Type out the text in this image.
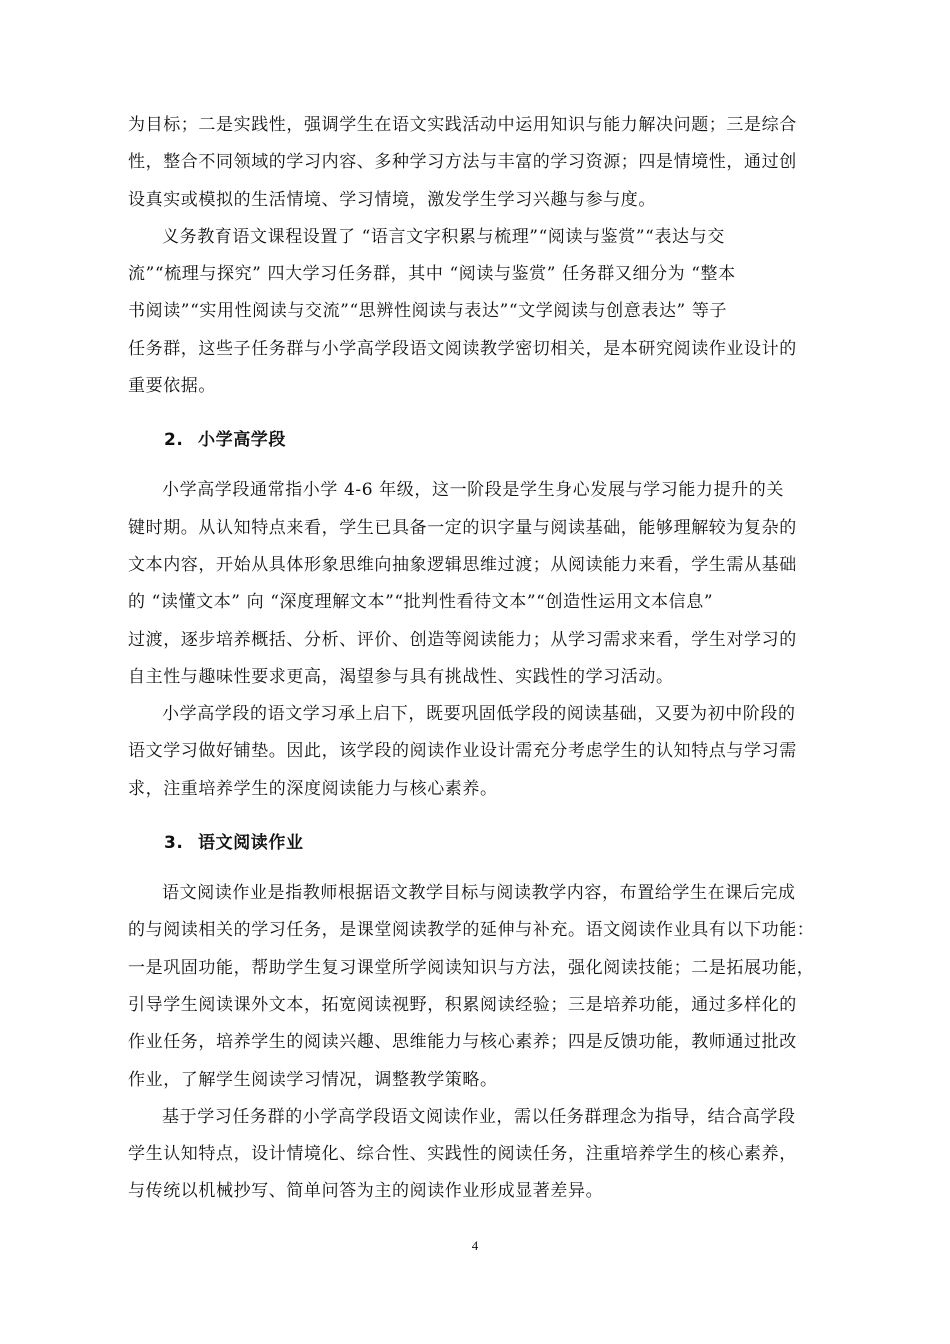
为目标；二是实践性，强调学生在语文实践活动中运用知识与能力解决问题；三是综合
性，整合不同领域的学习内容、多种学习方法与丰富的学习资源；四是情境性，通过创
设真实或模拟的生活情境、学习情境，激发学生学习兴趣与参与度。

义务教育语文课程设置了 “语言文字积累与梳理”“阅读与鉴赏”“表达与交
流”“梳理与探究” 四大学习任务群，其中 “阅读与鉴赏” 任务群又细分为 “整本
书阅读”“实用性阅读与交流”“思辨性阅读与表达”“文学阅读与创意表达” 等子
任务群，这些子任务群与小学高学段语文阅读教学密切相关，是本研究阅读作业设计的
重要依据。

2. 小学高学段

小学高学段通常指小学 4-6 年级，这一阶段是学生身心发展与学习能力提升的关
键时期。从认知特点来看，学生已具备一定的识字量与阅读基础，能够理解较为复杂的
文本内容，开始从具体形象思维向抽象逻辑思维过渡；从阅读能力来看，学生需从基础
的 “读懂文本” 向 “深度理解文本”“批判性看待文本”“创造性运用文本信息”
过渡，逐步培养概括、分析、评价、创造等阅读能力；从学习需求来看，学生对学习的
自主性与趣味性要求更高，渴望参与具有挑战性、实践性的学习活动。

小学高学段的语文学习承上启下，既要巩固低学段的阅读基础，又要为初中阶段的
语文学习做好铺垫。因此，该学段的阅读作业设计需充分考虑学生的认知特点与学习需
求，注重培养学生的深度阅读能力与核心素养。

3. 语文阅读作业

语文阅读作业是指教师根据语文教学目标与阅读教学内容，布置给学生在课后完成
的与阅读相关的学习任务，是课堂阅读教学的延伸与补充。语文阅读作业具有以下功能：
一是巩固功能，帮助学生复习课堂所学阅读知识与方法，强化阅读技能；二是拓展功能，
引导学生阅读课外文本，拓宽阅读视野，积累阅读经验；三是培养功能，通过多样化的
作业任务，培养学生的阅读兴趣、思维能力与核心素养；四是反馈功能，教师通过批改
作业，了解学生阅读学习情况，调整教学策略。

基于学习任务群的小学高学段语文阅读作业，需以任务群理念为指导，结合高学段
学生认知特点，设计情境化、综合性、实践性的阅读任务，注重培养学生的核心素养，
与传统以机械抄写、简单问答为主的阅读作业形成显著差异。

4
